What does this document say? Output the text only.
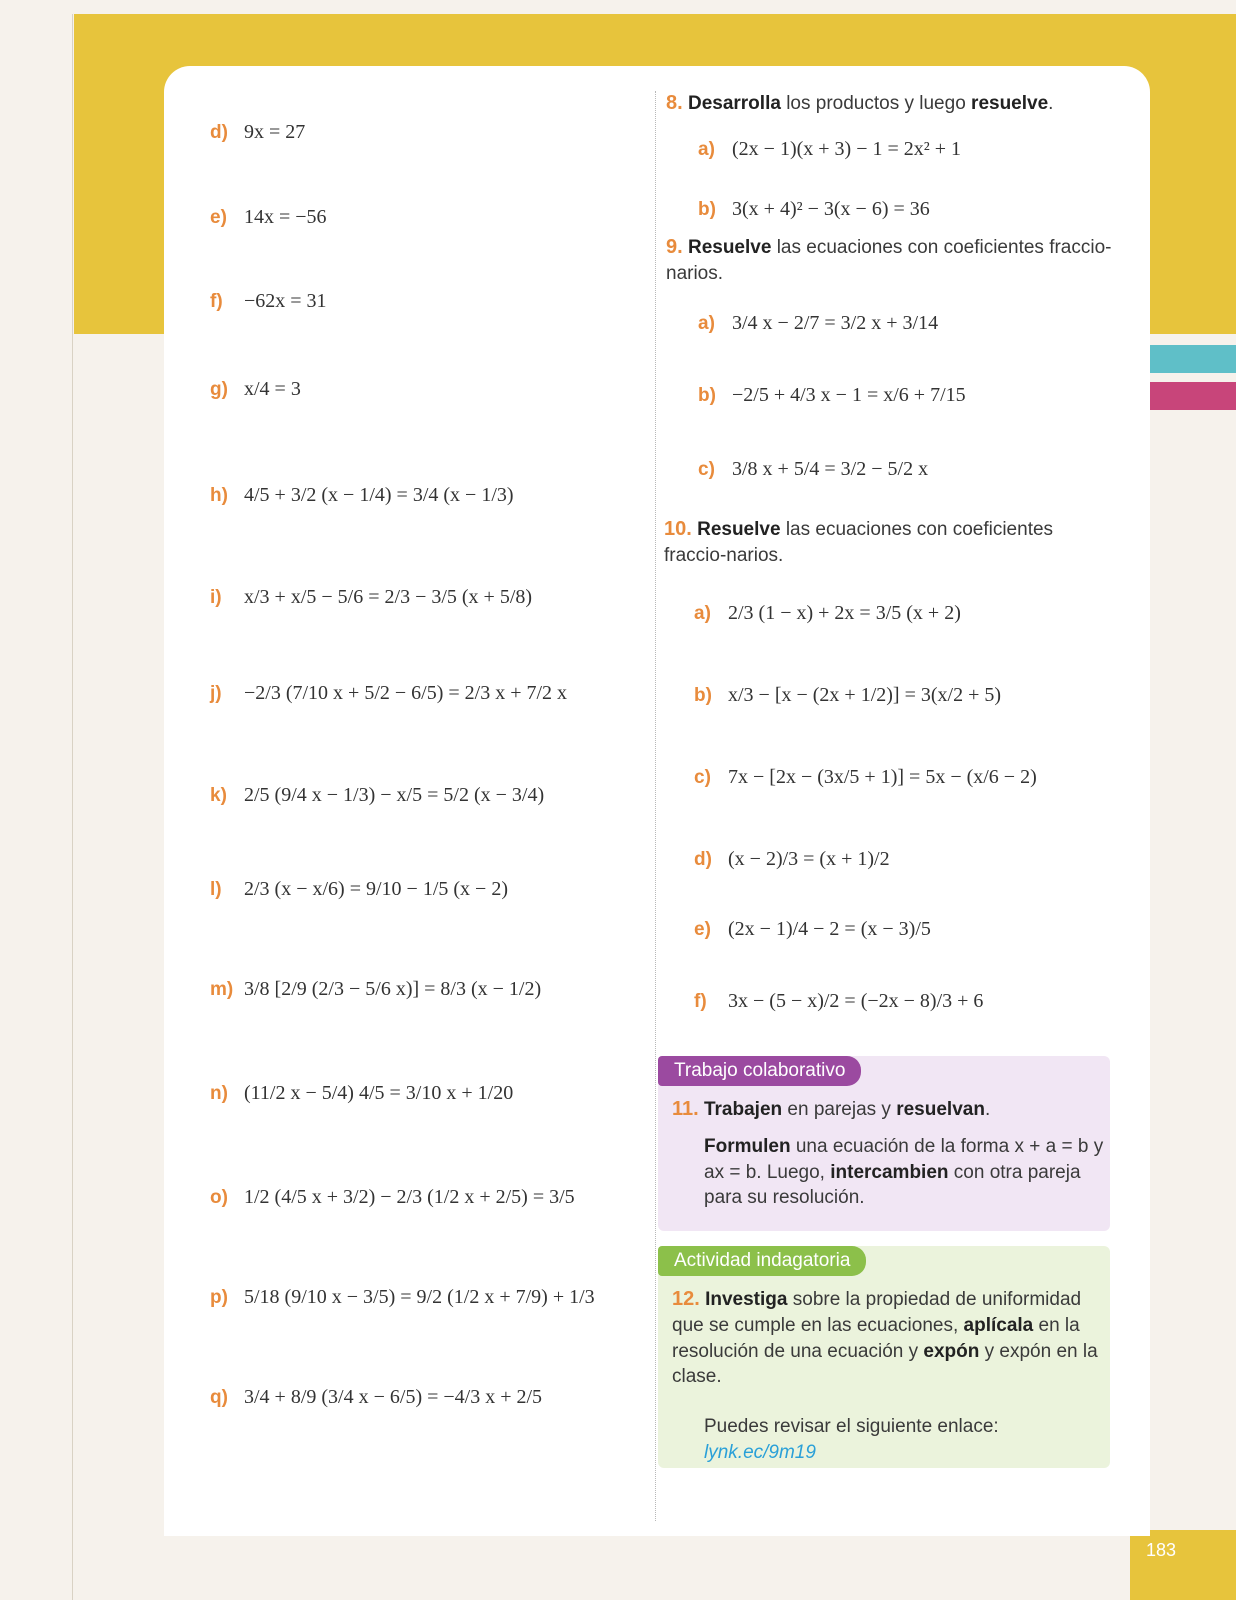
183
d) 9x = 27
e) 14x = −56
f)	−62x = 31
g) x/4 = 3
h) 4/5 + 3/2 (x − 1/4) = 3/4 (x − 1/3)
i)	x/3 + x/5 − 5/6 = 2/3 − 3/5 (x + 5/8)
j)	−2/3 (7/10 x + 5/2 − 6/5) = 2/3 x + 7/2 x
k) 2/5 (9/4 x − 1/3) − x/5 = 5/2 (x − 3/4)
l)	2/3 (x − x/6) = 9/10 − 1/5 (x − 2)
m) 3/8 [2/9 (2/3 − 5/6 x)] = 8/3 (x − 1/2)
n) (11/2 x − 5/4) 4/5 = 3/10 x + 1/20
o) 1/2 (4/5 x + 3/2) − 2/3 (1/2 x + 2/5) = 3/5
p) 5/18 (9/10 x − 3/5) = 9/2 (1/2 x + 7/9) + 1/3
q) 3/4 + 8/9 (3/4 x − 6/5) = −4/3 x + 2/5
8. Desarrolla los productos y luego resuelve.
a) (2x − 1)(x + 3) − 1 = 2x² + 1
b) 3(x + 4)² − 3(x − 6) = 36
9. Resuelve las ecuaciones con coeficientes fraccio-narios.
a) 3/4 x − 2/7 = 3/2 x + 3/14
b) −2/5 + 4/3 x − 1 = x/6 + 7/15
c) 3/8 x + 5/4 = 3/2 − 5/2 x
10. Resuelve las ecuaciones con coeficientes fraccio-narios.
a) 2/3 (1 − x) + 2x = 3/5 (x + 2)
b) x/3 − [x − (2x + 1/2)] = 3(x/2 + 5)
c) 7x − [2x − (3x/5 + 1)] = 5x − (x/6 − 2)
d) (x − 2)/3 = (x + 1)/2
e) (2x − 1)/4 − 2 = (x − 3)/5
f)	3x − (5 − x)/2 = (−2x − 8)/3 + 6
Trabajo colaborativo
11. Trabajen en parejas y resuelvan.
Formulen una ecuación de la forma x + a = b y ax = b. Luego, intercambien con otra pareja para su resolución.
Actividad indagatoria
12. Investiga sobre la propiedad de uniformidad que se cumple en las ecuaciones, aplícala en la resolución de una ecuación y expón y expón en la clase.
Puedes revisar el siguiente enlace: lynk.ec/9m19
